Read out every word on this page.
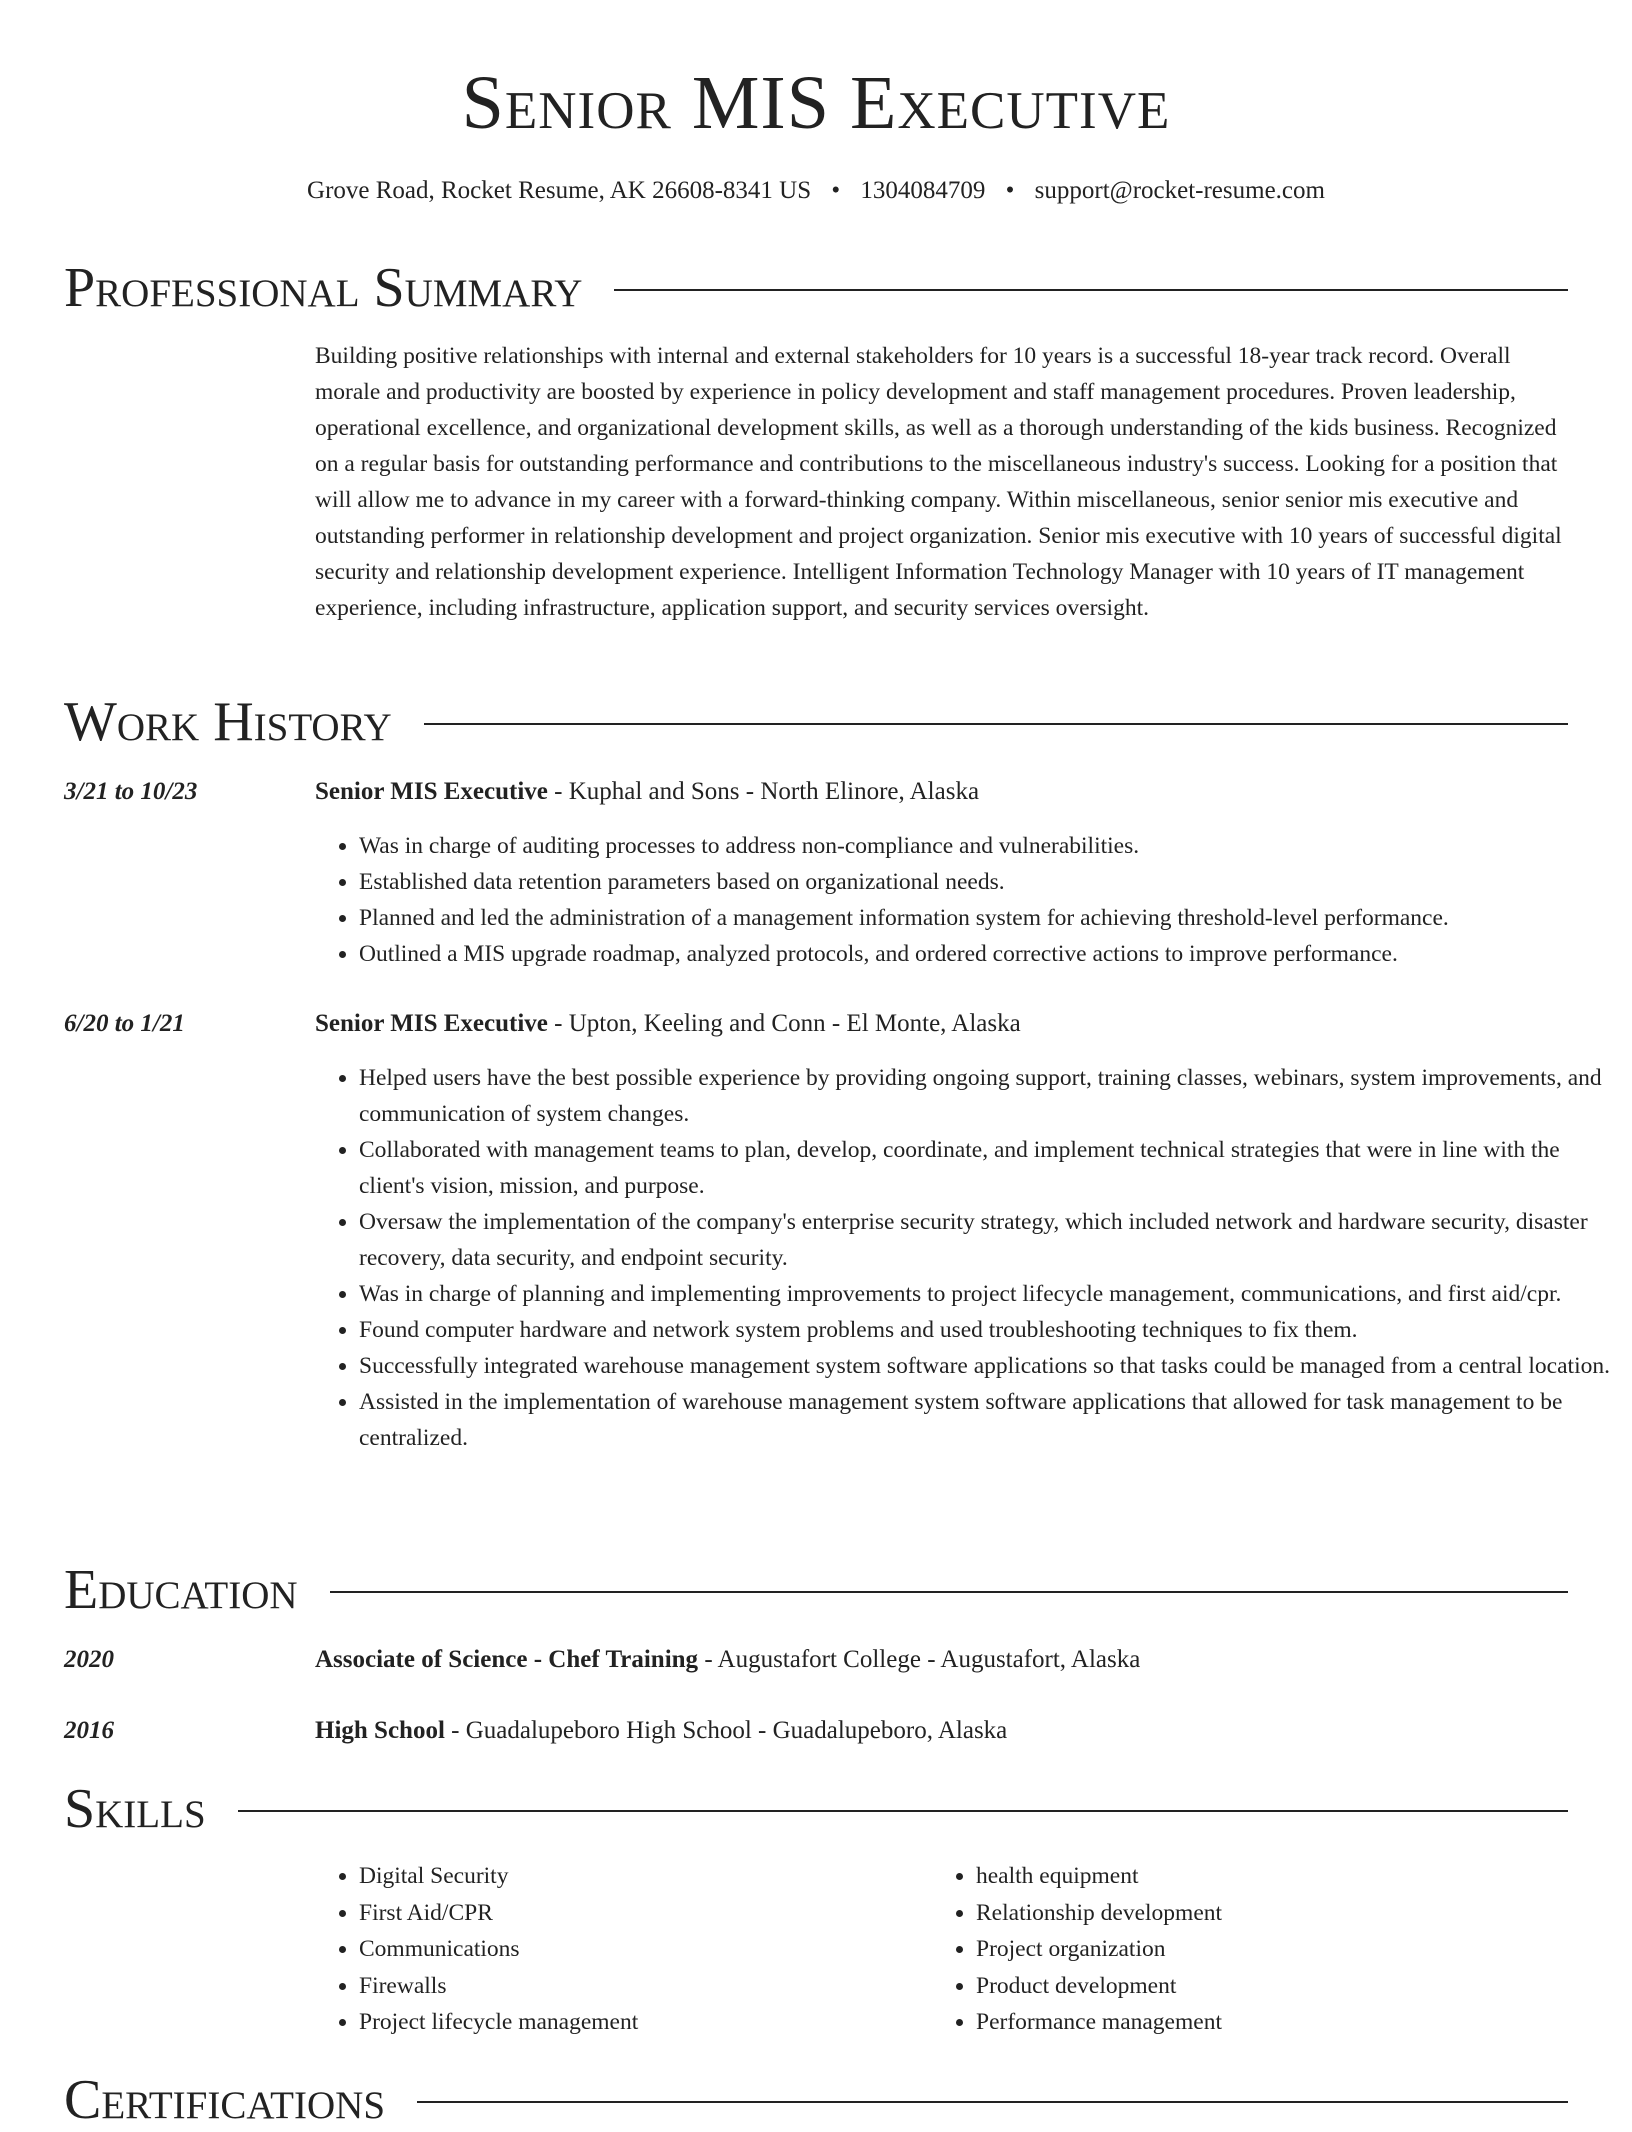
Senior MIS Executive
Grove Road, Rocket Resume, AK 26608-8341 US • 1304084709 • support@rocket-resume.com
Professional Summary

Building positive relationships with internal and external stakeholders for 10 years is a successful 18-year track record. Overall morale and productivity are boosted by experience in policy development and staff management procedures. Proven leadership, operational excellence, and organizational development skills, as well as a thorough understanding of the kids business. Recognized on a regular basis for outstanding performance and contributions to the miscellaneous industry's success. Looking for a position that will allow me to advance in my career with a forward-thinking company. Within miscellaneous, senior senior mis executive and outstanding performer in relationship development and project organization. Senior mis executive with 10 years of successful digital security and relationship development experience. Intelligent Information Technology Manager with 10 years of IT management experience, including infrastructure, application support, and security services oversight.

Work History
3/21 to 10/23	Senior MIS Executive - Kuphal and Sons - North Elinore, Alaska
• Was in charge of auditing processes to address non-compliance and vulnerabilities.
• Established data retention parameters based on organizational needs.
• Planned and led the administration of a management information system for achieving threshold-level performance.
• Outlined a MIS upgrade roadmap, analyzed protocols, and ordered corrective actions to improve performance.
6/20 to 1/21	Senior MIS Executive - Upton, Keeling and Conn - El Monte, Alaska
• Helped users have the best possible experience by providing ongoing support, training classes, webinars, system improvements, and communication of system changes.
• Collaborated with management teams to plan, develop, coordinate, and implement technical strategies that were in line with the client's vision, mission, and purpose.
• Oversaw the implementation of the company's enterprise security strategy, which included network and hardware security, disaster recovery, data security, and endpoint security.
• Was in charge of planning and implementing improvements to project lifecycle management, communications, and first aid/cpr.
• Found computer hardware and network system problems and used troubleshooting techniques to fix them.
• Successfully integrated warehouse management system software applications so that tasks could be managed from a central location.
• Assisted in the implementation of warehouse management system software applications that allowed for task management to be centralized.
Education
2020	Associate of Science - Chef Training - Augustafort College - Augustafort, Alaska
2016	High School - Guadalupeboro High School - Guadalupeboro, Alaska
Skills
• Digital Security
• First Aid/CPR
• Communications
• Firewalls
• Project lifecycle management
• health equipment
• Relationship development
• Project organization
• Product development
• Performance management
Certifications
